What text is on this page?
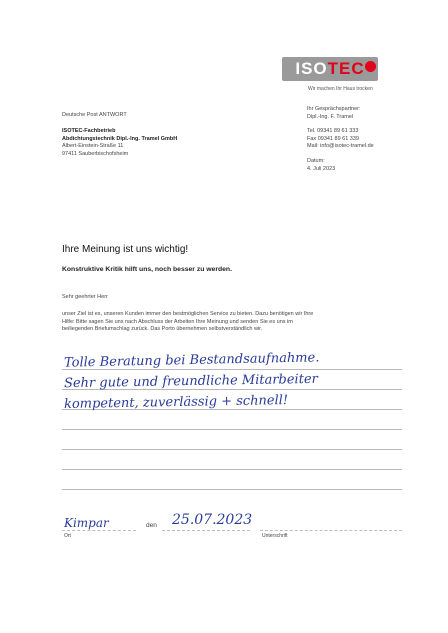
ISO TEC
Wir machen Ihr Haus trocken
Deutsche Post ANTWORT
ISOTEC-Fachbetrieb
Abdichtungstechnik Dipl.-Ing. Tramel GmbH
Albert-Einstein-Straße 11
97411 Sauberbischofsheim
Ihr Gesprächspartner:
Dipl.-Ing. F. Tramel
Tel. 09341 89 61 333
Fax 09341 89 61 339
Mail: info@isotec-tramel.de
Datum:
4. Juli 2023
Ihre Meinung ist uns wichtig!
Konstruktive Kritik hilft uns, noch besser zu werden.
Sehr geehrter Herr
unser Ziel ist es, unseren Kunden immer den bestmöglichen Service zu bieten. Dazu benötigen wir Ihre
Hilfe: Bitte sagen Sie uns nach Abschluss der Arbeiten Ihre Meinung und senden Sie es uns im
beiliegenden Briefumschlag zurück. Das Porto übernehmen selbstverständlich wir.
Tolle Beratung bei Bestandsaufnahme.
Sehr gute und freundliche Mitarbeiter
kompetent, zuverlässig + schnell!
Kimpar	den 25.07.2023
Ort	Unterschrift
